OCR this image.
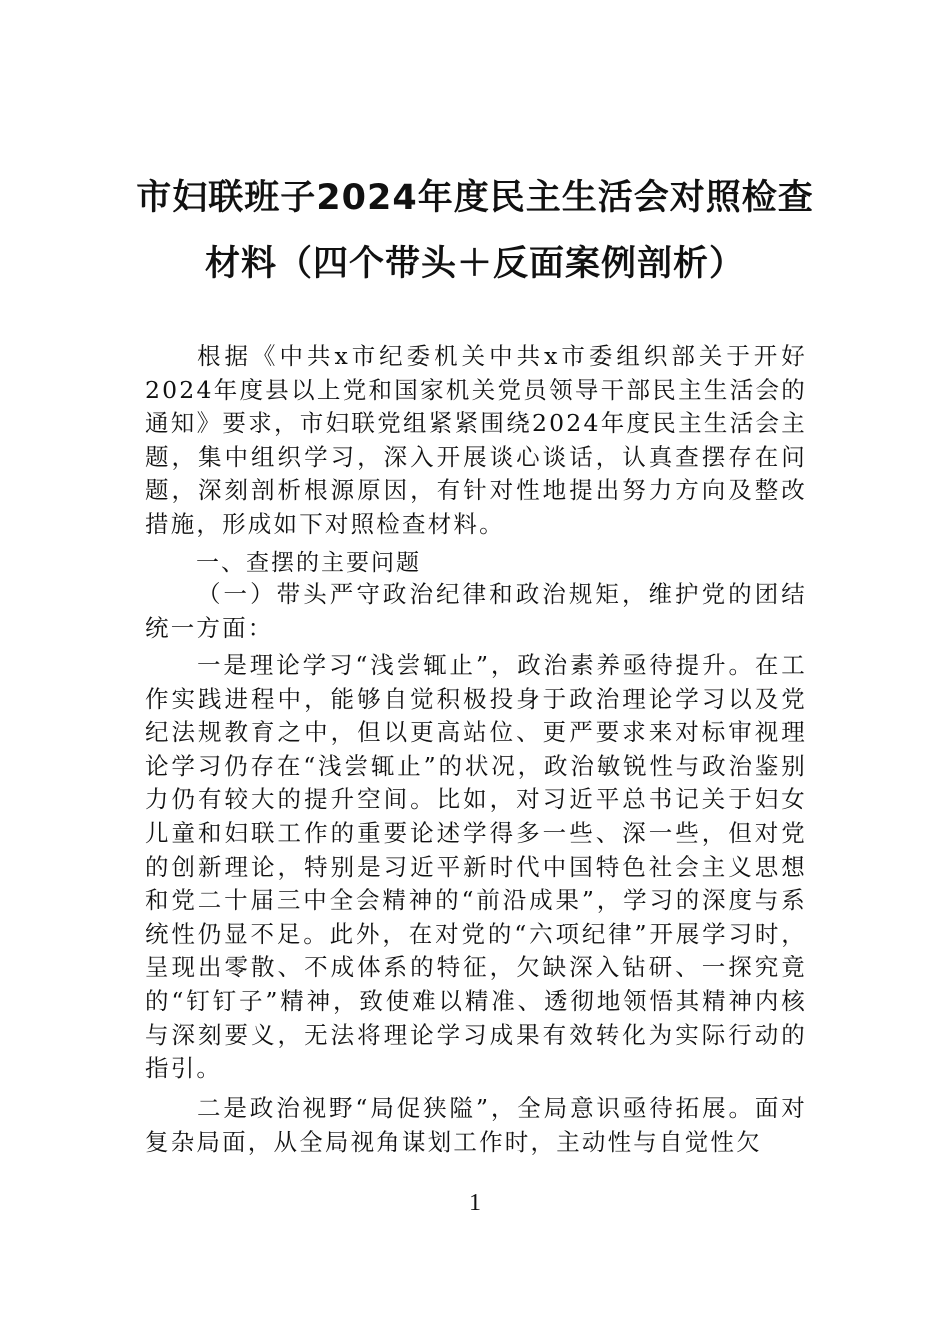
市妇联班子2024年度民主生活会对照检查
材料（四个带头＋反面案例剖析）

根据《中共x市纪委机关中共x市委组织部关于开好2024年度县以上党和国家机关党员领导干部民主生活会的通知》要求，市妇联党组紧紧围绕2024年度民主生活会主题，集中组织学习，深入开展谈心谈话，认真查摆存在问题，深刻剖析根源原因，有针对性地提出努力方向及整改措施，形成如下对照检查材料。

一、查摆的主要问题

（一）带头严守政治纪律和政治规矩，维护党的团结统一方面：

一是理论学习“浅尝辄止”，政治素养亟待提升。在工作实践进程中，能够自觉积极投身于政治理论学习以及党纪法规教育之中，但以更高站位、更严要求来对标审视理论学习仍存在“浅尝辄止”的状况，政治敏锐性与政治鉴别力仍有较大的提升空间。比如，对习近平总书记关于妇女儿童和妇联工作的重要论述学得多一些、深一些，但对党的创新理论，特别是习近平新时代中国特色社会主义思想和党二十届三中全会精神的“前沿成果”，学习的深度与系统性仍显不足。此外，在对党的“六项纪律”开展学习时，呈现出零散、不成体系的特征，欠缺深入钻研、一探究竟的“钉钉子”精神，致使难以精准、透彻地领悟其精神内核与深刻要义，无法将理论学习成果有效转化为实际行动的指引。

二是政治视野“局促狭隘”，全局意识亟待拓展。面对复杂局面，从全局视角谋划工作时，主动性与自觉性欠

1
